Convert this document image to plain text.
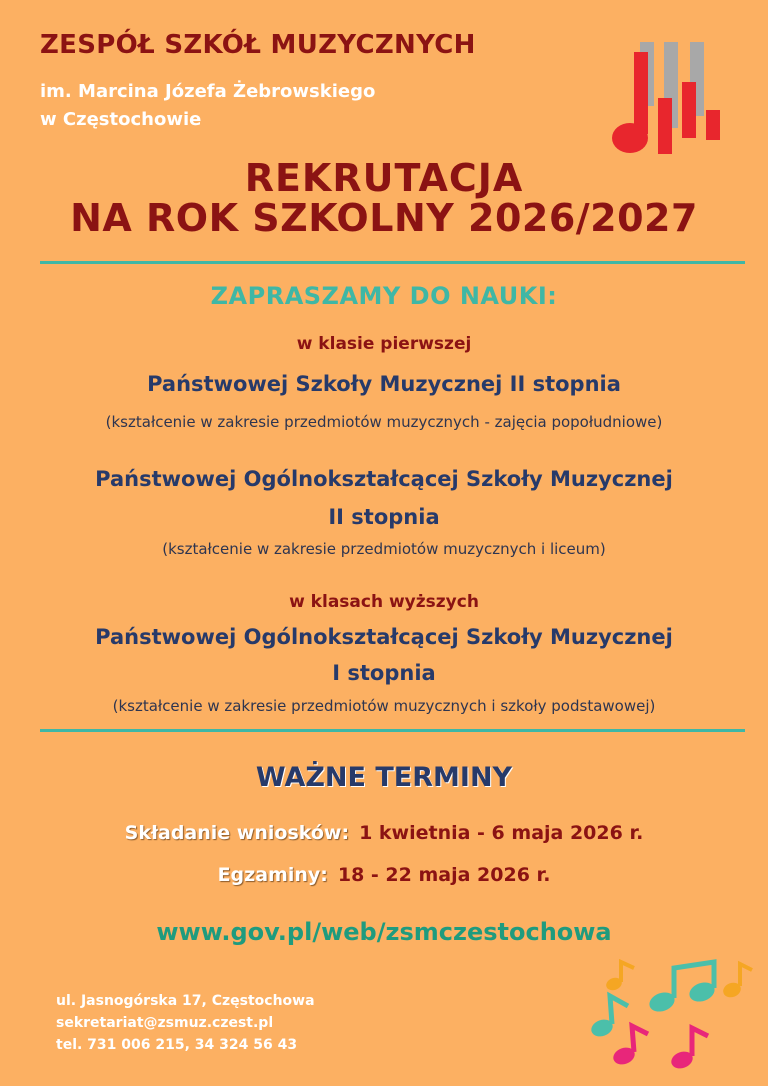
ZESPÓŁ SZKÓŁ MUZYCZNYCH
im. Marcina Józefa Żebrowskiego
w Częstochowie
REKRUTACJA
NA ROK SZKOLNY 2026/2027
ZAPRASZAMY DO NAUKI:
w klasie pierwszej
Państwowej Szkoły Muzycznej II stopnia
(kształcenie w zakresie przedmiotów muzycznych - zajęcia popołudniowe)
Państwowej Ogólnokształcącej Szkoły Muzycznej
II stopnia
(kształcenie w zakresie przedmiotów muzycznych i liceum)
w klasach wyższych
Państwowej Ogólnokształcącej Szkoły Muzycznej
I stopnia
(kształcenie w zakresie przedmiotów muzycznych i szkoły podstawowej)
WAŻNE TERMINY
Składanie wniosków: 1 kwietnia - 6 maja 2026 r.
Egzaminy: 18 - 22 maja 2026 r.
www.gov.pl/web/zsmczestochowa
ul. Jasnogórska 17, Częstochowa
sekretariat@zsmuz.czest.pl
tel. 731 006 215, 34 324 56 43
